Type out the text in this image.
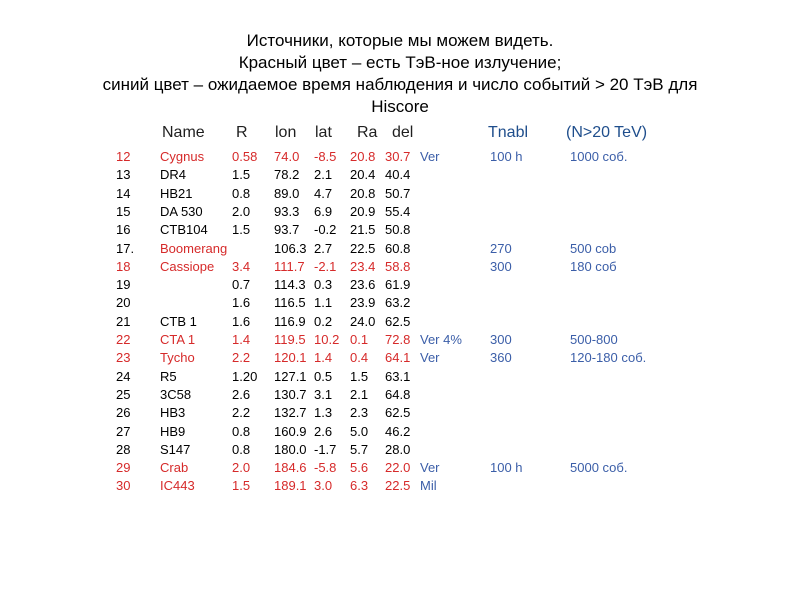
Источники, которые мы можем видеть.
Красный цвет – есть ТэВ-ное излучение;
синий цвет – ожидаемое время наблюдения и число событий > 20 ТэВ для
Hiscore
Name R lon lat Ra del	Tnabl (N>20 TeV)
12 Cygnus 0.58 74.0 -8.5 20.8 30.7 Ver	100 h	1000 соб.
13 DR4	1.5 78.2 2.1 20.4 40.4
14 HB21	0.8 89.0 4.7 20.8 50.7
15 DA 530 2.0 93.3 6.9 20.9 55.4
16 CTB104 1.5 93.7 -0.2 21.5 50.8
17. Boomerang	106.3 2.7 22.5 60.8	270	500 cob
18 Cassiope 3.4 111.7 -2.1 23.4 58.8	300	180 соб
19	0.7 114.3 0.3 23.6 61.9
20	1.6 116.5 1.1 23.9 63.2
21 CTB 1	1.6 116.9 0.2 24.0 62.5
22 CTA 1	1.4 119.5 10.2 0.1 72.8 Ver 4% 300	500-800
23 Tycho	2.2 120.1 1.4 0.4 64.1 Ver	360	120-180 соб.
24 R5	1.20 127.1 0.5 1.5 63.1
25 3C58	2.6 130.7 3.1 2.1 64.8
26 HB3	2.2 132.7 1.3 2.3 62.5
27 HB9	0.8 160.9 2.6 5.0 46.2
28 S147	0.8 180.0 -1.7 5.7 28.0
29 Crab	2.0 184.6 -5.8 5.6 22.0 Ver	100 h	5000 соб.
30 IC443	1.5 189.1 3.0 6.3 22.5 Mil
